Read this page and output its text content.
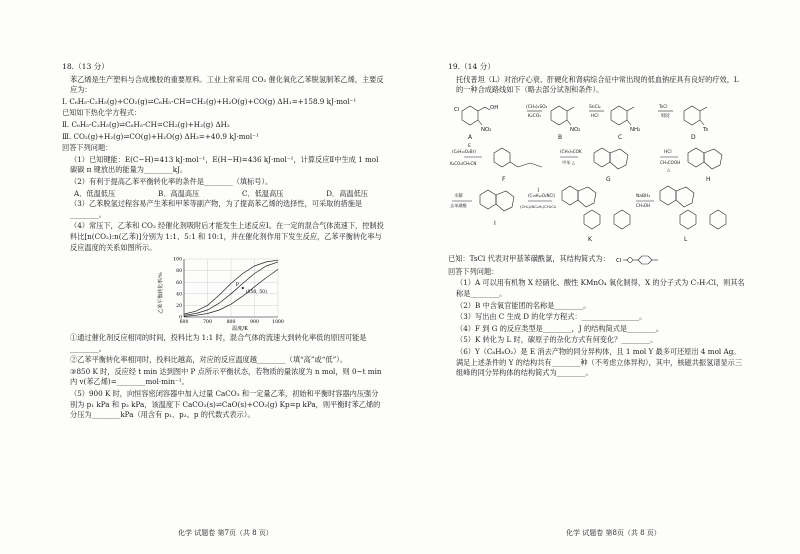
18.（13 分）

苯乙烯是生产塑料与合成橡胶的重要原料。工业上常采用 CO₂ 催化氧化乙苯脱氢制苯乙烯，主要反应为：

Ⅰ. C₆H₅-C₂H₅(g)+CO₂(g)⇌C₆H₅-CH=CH₂(g)+H₂O(g)+CO(g) ΔH₁=+158.9 kJ·mol⁻¹

已知如下热化学方程式：

Ⅱ. C₆H₅-C₂H₅(g)⇌C₆H₅-CH=CH₂(g)+H₂(g) ΔH₂

Ⅲ. CO₂(g)+H₂(g)⇌CO(g)+H₂O(g) ΔH₃=+40.9 kJ·mol⁻¹

回答下列问题：

（1）已知键能：E(C−H)=413 kJ·mol⁻¹，E(H−H)=436 kJ·mol⁻¹，计算反应Ⅱ中生成 1 mol 碳碳 π 键放出的能量为________kJ。

（2）有利于提高乙苯平衡转化率的条件是________（填标号）。

A．低温低压	B．高温高压	C．低温高压	D．高温低压

（3）乙苯脱氢过程容易产生苯和甲苯等副产物，为了提高苯乙烯的选择性，可采取的措施是________。

（4）常压下，乙苯和 CO₂ 经催化剂吸附后才能发生上述反应Ⅰ。在一定的混合气体流速下，控制投料比[n(CO₂):n(乙苯)]分别为 1:1、5:1 和 10:1，并在催化剂作用下发生反应，乙苯平衡转化率与反应温度的关系如图所示。

乙苯平衡转化率/%
温度/K
600	700	800	900	1000
0
20
40
60
80
100
P
(850, 50)

①通过催化剂反应相同的时间，投料比为 1:1 时，混合气体的流速大到转化率低的原因可能是________。

②乙苯平衡转化率相同时，投料比越高，对应的反应温度越________（填“高”或“低”）。

③850 K 时，反应经 t min 达到图中 P 点所示平衡状态，若物质的量浓度为 n mol，则 0~t min 内 v(苯乙烯)=________mol·min⁻¹。

（5）900 K 时，向恒容密闭容器中加入过量 CaCO₃ 和一定量乙苯，初始和平衡时容器内压强分别为 p₁ kPa 和 p₂ kPa，该温度下 CaCO₃(s)⇌CaO(s)+CO₂(g) Kp=p kPa，则平衡时苯乙烯的分压为________kPa（用含有 p₁、p₂、p 的代数式表示）。

19.（14 分）

托伐普坦（L）对治疗心衰、肝硬化和肾病综合征中常出现的低血钠症具有良好的疗效，L 的一种合成路线如下（略去部分试剂和条件）。

Cl	OH
NO₂
A
(CH₃)₂SO₄
K₂CO₃
NO₂
B
SnCl₂
HCl
NH₂
C
TsCl
吡啶
Ts
D
E
(C₆H₁₀O₂Br)
K₂CO₃/CH₃CN
F
(CH₃)₃COK
甲苯 △
G
HCl
CH₃COOH
△
H
水解
去苯磺酰
I
J
(C₁₅H₁₂O₂NCl)
(CH₃)₂NC₆H₅/CH₂Cl₂
K
NaBH₄
CH₃OH
L
已知：TsCl 代表对甲基苯磺酰氯，其结构简式为： Cl

回答下列问题：

（1）A 可以用有机物 X 经硝化、酸性 KMnO₄ 氧化制得，X 的分子式为 C₇H₇Cl，则其名称是________。

（2）B 中含氧官能团的名称是________。

（3）写出由 C 生成 D 的化学方程式：________________。

（4）F 到 G 的反应类型是________，J 的结构简式是________。

（5）K 转化为 L 时，碳原子的杂化方式有何变化？________。

（6）Y（C₈H₈O₂）是 E 消去产物的同分异构体，且 1 mol Y 最多可还原出 4 mol Ag。满足上述条件的 Y 的结构共有________种（不考虑立体异构），其中，核磁共振氢谱显示三组峰的同分异构体的结构简式为________。

化学 试题卷 第7页（共 8 页）	化学 试题卷 第8页（共 8 页）
